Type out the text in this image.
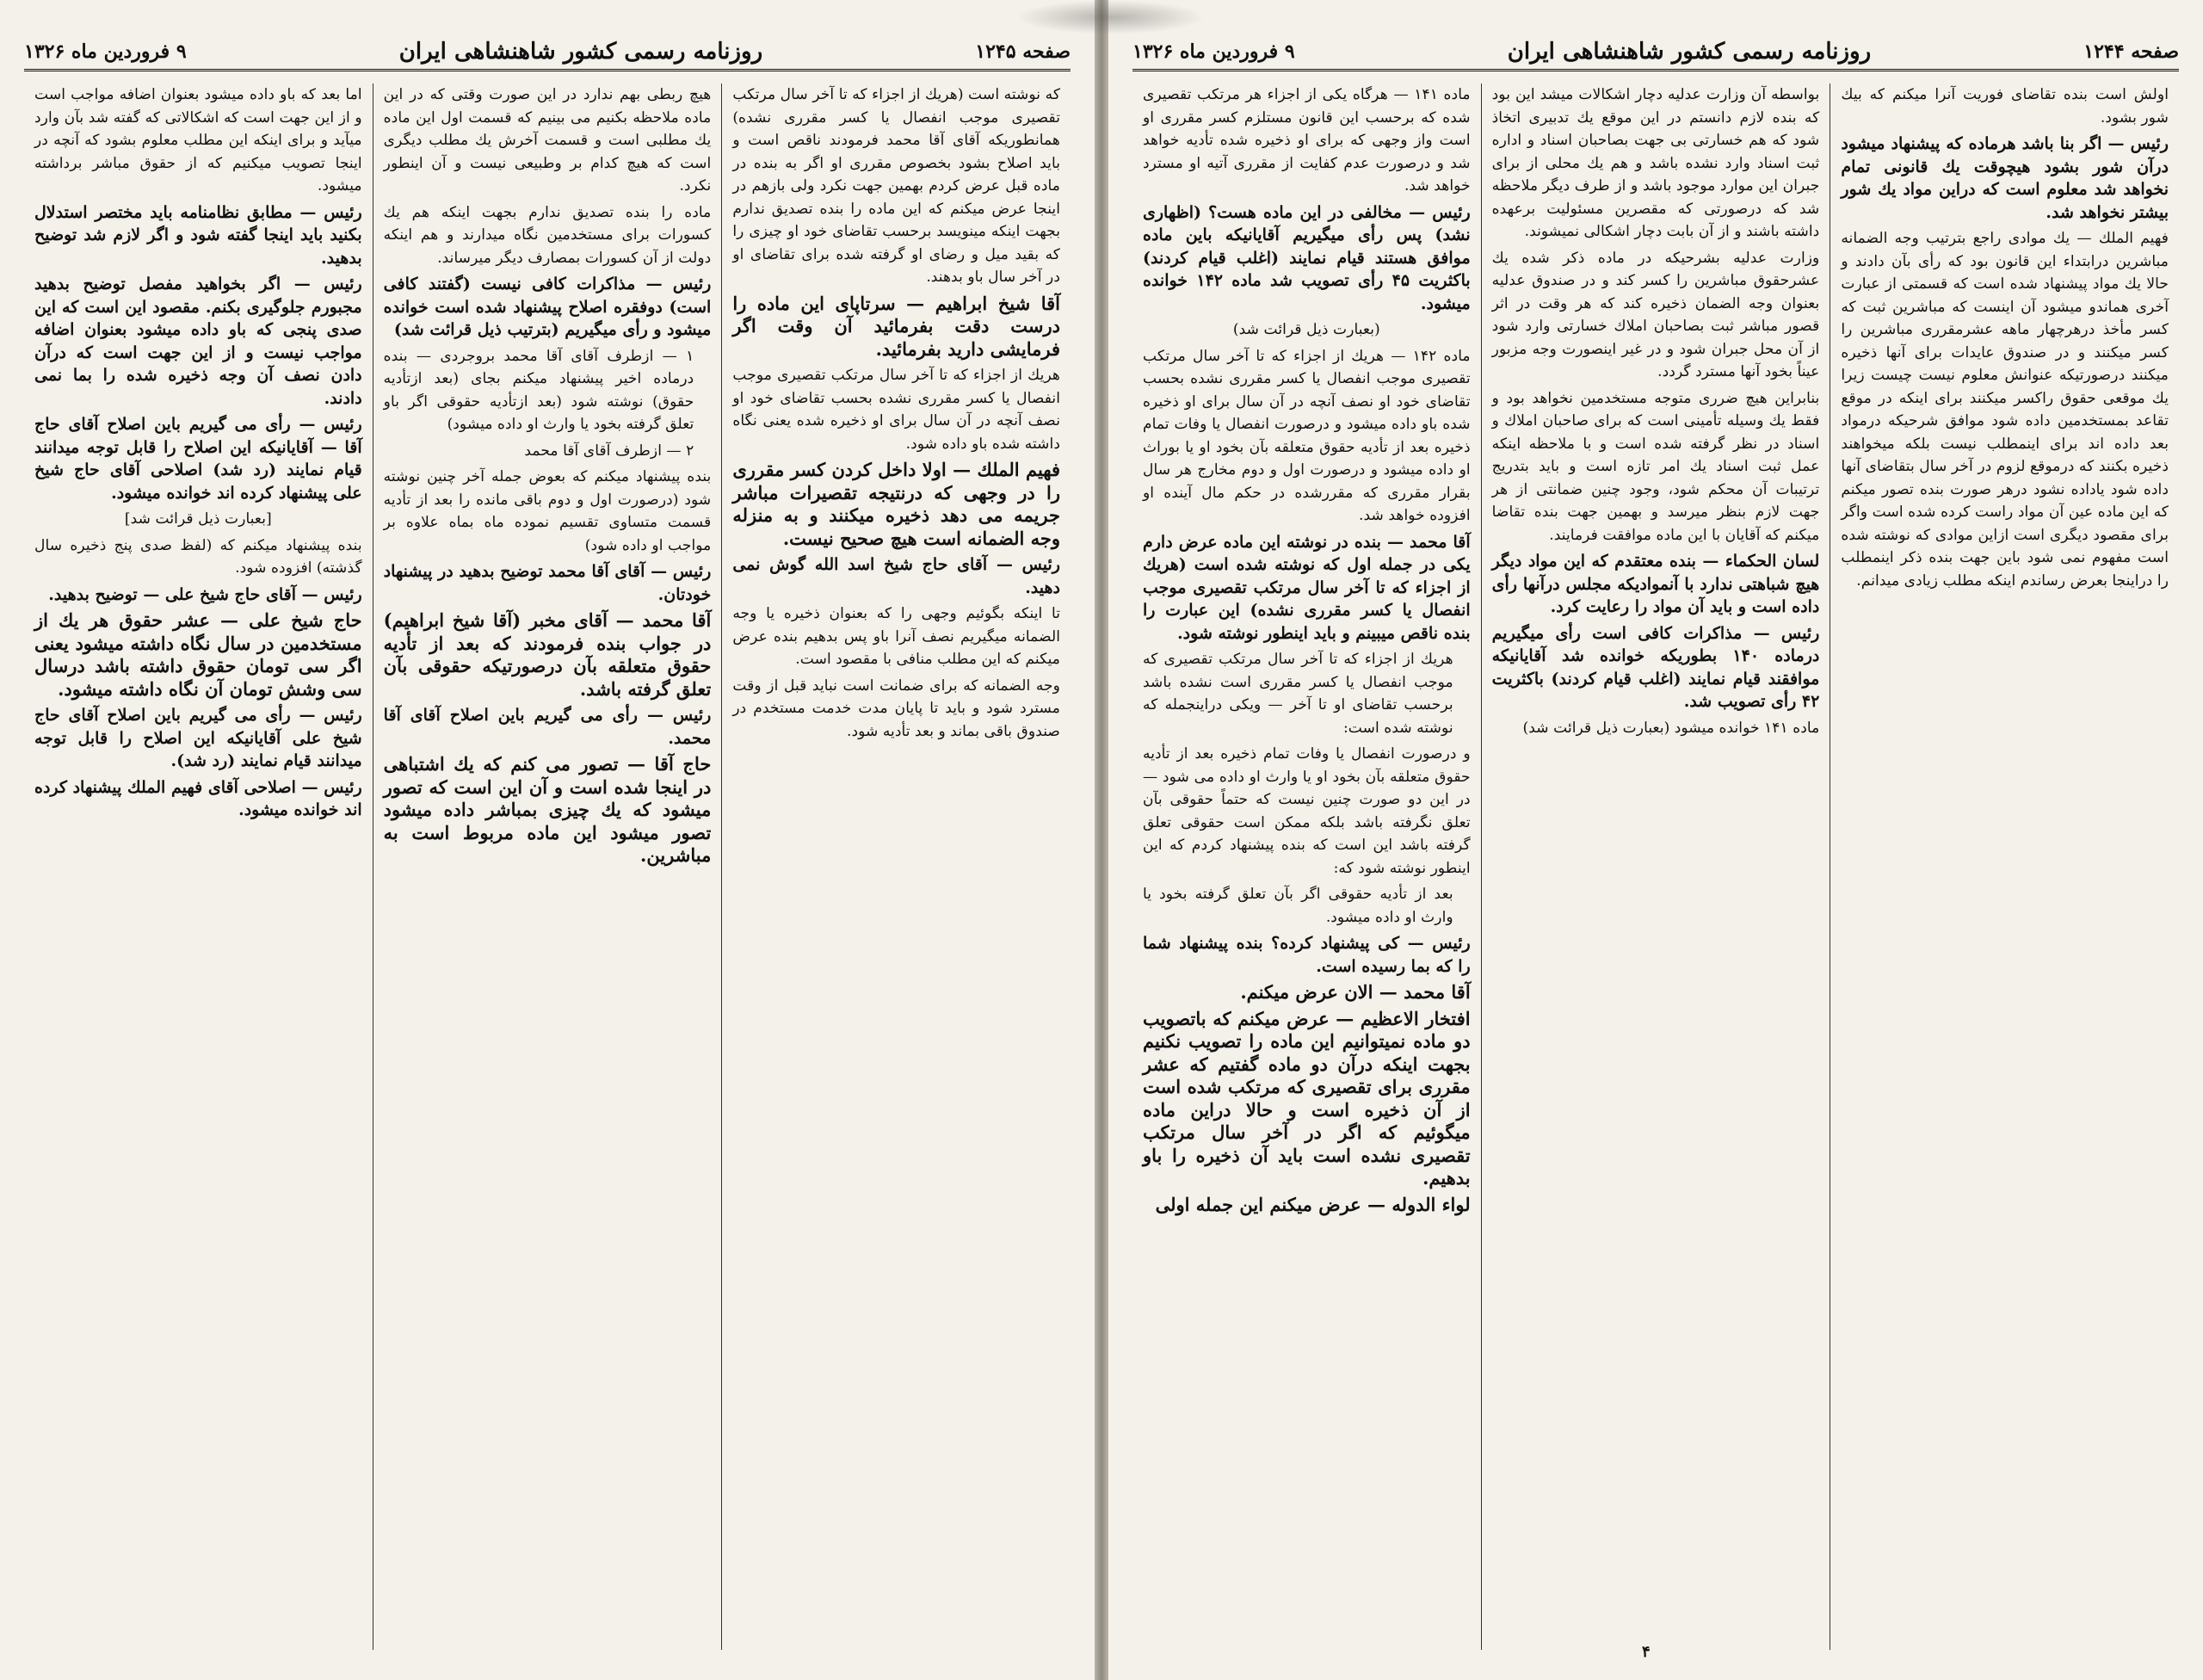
صفحه ۱۲۴۵
روزنامه رسمی کشور شاهنشاهی ایران
۹ فروردین ماه ۱۳۲۶

که نوشته است (هریك از اجزاء که تا آخر سال مرتکب تقصیری موجب انفصال یا کسر مقرری نشده) همانطوریکه آقای آقا محمد فرمودند ناقص است و باید اصلاح بشود بخصوص مقرری او اگر به بنده در ماده قبل عرض کردم بهمین جهت نکرد ولی بازهم در اینجا عرض میکنم که این ماده را بنده تصدیق ندارم بجهت اینکه مینویسد برحسب تقاضای خود او چیزی را که بقید میل و رضای او گرفته شده برای تقاضای او در آخر سال باو بدهند.

آقا شیخ ابراهیم — سرتاپای این ماده را درست دقت بفرمائید آن وقت اگر فرمایشی دارید بفرمائید.

هریك از اجزاء که تا آخر سال مرتکب تقصیری موجب انفصال یا کسر مقرری نشده بحسب تقاضای خود او نصف آنچه در آن سال برای او ذخیره شده یعنی نگاه داشته شده باو داده شود.

فهیم الملك — اولا داخل کردن کسر مقرری را در وجهی که درنتیجه تقصیرات مباشر جریمه می دهد ذخیره میکنند و به منزله وجه الضمانه است هیچ صحیح نیست.

رئیس — آقای حاج شیخ اسد الله گوش نمی دهید.

تا اینکه بگوئیم وجهی را که بعنوان ذخیره یا وجه الضمانه میگیریم نصف آنرا باو پس بدهیم بنده عرض میکنم که این مطلب منافی با مقصود است.

وجه الضمانه که برای ضمانت است نباید قبل از وقت مسترد شود و باید تا پایان مدت خدمت مستخدم در صندوق باقی بماند و بعد تأدیه شود.

هیچ ربطی بهم ندارد در این صورت وقتی که در این ماده ملاحظه بکنیم می بینیم که قسمت اول این ماده یك مطلبی است و قسمت آخرش یك مطلب دیگری است که هیچ کدام بر وطبیعی نیست و آن اینطور نکرد.

ماده را بنده تصدیق ندارم بجهت اینکه هم یك کسورات برای مستخدمین نگاه میدارند و هم اینکه دولت از آن کسورات بمصارف دیگر میرساند.

رئیس — مذاکرات کافی نیست (گفتند کافی است) دوفقره اصلاح پیشنهاد شده است خوانده میشود و رأی میگیریم (بترتیب ذیل قرائت شد)

۱ — ازطرف آقای آقا محمد بروجردی — بنده درماده اخیر پیشنهاد میکنم بجای (بعد ازتأدیه حقوق) نوشته شود (بعد ازتأدیه حقوقی اگر باو تعلق گرفته بخود یا وارث او داده میشود)

۲ — ازطرف آقای آقا محمد

بنده پیشنهاد میکنم که بعوض جمله آخر چنین نوشته شود (درصورت اول و دوم باقی مانده را بعد از تأدیه قسمت متساوی تقسیم نموده ماه بماه علاوه بر مواجب او داده شود)

رئیس — آقای آقا محمد توضیح بدهید در پیشنهاد خودتان.

آقا محمد — آقای مخبر (آقا شیخ ابراهیم) در جواب بنده فرمودند که بعد از تأدیه حقوق متعلقه بآن درصورتیکه حقوقی بآن تعلق گرفته باشد.

رئیس — رأی می گیریم باین اصلاح آقای آقا محمد.

حاج آقا — تصور می کنم که یك اشتباهی در اینجا شده است و آن این است که تصور میشود که یك چیزی بمباشر داده میشود تصور میشود این ماده مربوط است به مباشرین.

اما بعد که باو داده میشود بعنوان اضافه مواجب است و از این جهت است که اشکالاتی که گفته شد بآن وارد میآید و برای اینکه این مطلب معلوم بشود که آنچه در اینجا تصویب میکنیم که از حقوق مباشر برداشته میشود.

رئیس — مطابق نظامنامه باید مختصر استدلال بکنید باید اینجا گفته شود و اگر لازم شد توضیح بدهید.

رئیس — اگر بخواهید مفصل توضیح بدهید مجبورم جلوگیری بکنم. مقصود این است که این صدی پنجی که باو داده میشود بعنوان اضافه مواجب نیست و از این جهت است که درآن دادن نصف آن وجه ذخیره شده را بما نمی دادند.

رئیس — رأی می گیریم باین اصلاح آقای حاج آقا — آقایانیکه این اصلاح را قابل توجه میدانند قیام نمایند (رد شد) اصلاحی آقای حاج شیخ علی پیشنهاد کرده اند خوانده میشود.

[بعبارت ذیل قرائت شد]

بنده پیشنهاد میکنم که (لفظ صدی پنج ذخیره سال گذشته) افزوده شود.

رئیس — آقای حاج شیخ علی — توضیح بدهید.

حاج شیخ علی — عشر حقوق هر یك از مستخدمین در سال نگاه داشته میشود یعنی اگر سی تومان حقوق داشته باشد درسال سی وشش تومان آن نگاه داشته میشود.

رئیس — رأی می گیریم باین اصلاح آقای حاج شیخ علی آقایانیکه این اصلاح را قابل توجه میدانند قیام نمایند (رد شد).

رئیس — اصلاحی آقای فهیم الملك پیشنهاد کرده اند خوانده میشود.

صفحه ۱۲۴۴
روزنامه رسمی کشور شاهنشاهی ایران
۹ فروردین ماه ۱۳۲۶

اولش است بنده تقاضای فوریت آنرا میکنم که بیك شور بشود.

رئیس — اگر بنا باشد هرماده که پیشنهاد میشود درآن شور بشود هیچوقت یك قانونی تمام نخواهد شد معلوم است که دراین مواد یك شور بیشتر نخواهد شد.

فهیم الملك — یك موادی راجع بترتیب وجه الضمانه مباشرین درابتداء این قانون بود که رأی بآن دادند و حالا یك مواد پیشنهاد شده است که قسمتی از عبارت آخری هماندو میشود آن اینست که مباشرین ثبت که کسر مأخذ درهرچهار ماهه عشرمقرری مباشرین را کسر میکنند و در صندوق عایدات برای آنها ذخیره میکنند درصورتیکه عنوانش معلوم نیست چیست زیرا یك موقعی حقوق راکسر میکنند برای اینکه در موقع تقاعد بمستخدمین داده شود موافق شرحیکه درمواد بعد داده اند برای اینمطلب نیست بلکه میخواهند ذخیره بکنند که درموقع لزوم در آخر سال بتقاضای آنها داده شود یاداده نشود درهر صورت بنده تصور میکنم که این ماده عین آن مواد راست کرده شده است واگر برای مقصود دیگری است ازاین موادی که نوشته شده است مفهوم نمی شود باین جهت بنده ذکر اینمطلب را دراینجا بعرض رساندم اینکه مطلب زیادی میدانم.

بواسطه آن وزارت عدلیه دچار اشکالات میشد این بود که بنده لازم دانستم در این موقع یك تدبیری اتخاذ شود که هم خسارتی بی جهت بصاحبان اسناد و اداره ثبت اسناد وارد نشده باشد و هم یك محلی از برای جبران این موارد موجود باشد و از طرف دیگر ملاحظه شد که درصورتی که مقصرین مسئولیت برعهده داشته باشند و از آن بابت دچار اشکالی نمیشوند.

وزارت عدلیه بشرحیکه در ماده ذکر شده یك عشرحقوق مباشرین را کسر کند و در صندوق عدلیه بعنوان وجه الضمان ذخیره کند که هر وقت در اثر قصور مباشر ثبت بصاحبان املاك خسارتی وارد شود از آن محل جبران شود و در غیر اینصورت وجه مزبور عیناً بخود آنها مسترد گردد.

بنابراین هیچ ضرری متوجه مستخدمین نخواهد بود و فقط یك وسیله تأمینی است که برای صاحبان املاك و اسناد در نظر گرفته شده است و با ملاحظه اینکه عمل ثبت اسناد یك امر تازه است و باید بتدریج ترتیبات آن محکم شود، وجود چنین ضمانتی از هر جهت لازم بنظر میرسد و بهمین جهت بنده تقاضا میکنم که آقایان با این ماده موافقت فرمایند.

لسان الحکماء — بنده معتقدم که این مواد دیگر هیچ شباهتی ندارد با آنموادیکه مجلس درآنها رأی داده است و باید آن مواد را رعایت کرد.

رئیس — مذاکرات کافی است رأی میگیریم درماده ۱۴۰ بطوریکه خوانده شد آقایانیکه موافقند قیام نمایند (اغلب قیام کردند) باکثریت ۴۲ رأی تصویب شد.

ماده ۱۴۱ خوانده میشود (بعبارت ذیل قرائت شد)

ماده ۱۴۱ — هرگاه یکی از اجزاء هر مرتکب تقصیری شده که برحسب این قانون مستلزم کسر مقرری او است واز وجهی که برای او ذخیره شده تأدیه خواهد شد و درصورت عدم کفایت از مقرری آتیه او مسترد خواهد شد.

رئیس — مخالفی در این ماده هست؟ (اظهاری نشد) پس رأی میگیریم آقایانیکه باین ماده موافق هستند قیام نمایند (اغلب قیام کردند) باکثریت ۴۵ رأی تصویب شد ماده ۱۴۲ خوانده میشود.

(بعبارت ذیل قرائت شد)

ماده ۱۴۲ — هریك از اجزاء که تا آخر سال مرتکب تقصیری موجب انفصال یا کسر مقرری نشده بحسب تقاضای خود او نصف آنچه در آن سال برای او ذخیره شده باو داده میشود و درصورت انفصال یا وفات تمام ذخیره بعد از تأدیه حقوق متعلقه بآن بخود او یا بوراث او داده میشود و درصورت اول و دوم مخارج هر سال بقرار مقرری که مقررشده در حکم مال آینده او افزوده خواهد شد.

آقا محمد — بنده در نوشته این ماده عرض دارم یکی در جمله اول که نوشته شده است (هریك از اجزاء که تا آخر سال مرتکب تقصیری موجب انفصال یا کسر مقرری نشده) این عبارت را بنده ناقص میبینم و باید اینطور نوشته شود.

هریك از اجزاء که تا آخر سال مرتکب تقصیری که موجب انفصال یا کسر مقرری است نشده باشد برحسب تقاضای او تا آخر — ویکی دراینجمله که نوشته شده است:

و درصورت انفصال یا وفات تمام ذخیره بعد از تأدیه حقوق متعلقه بآن بخود او یا وارث او داده می شود — در این دو صورت چنین نیست که حتماً حقوقی بآن تعلق نگرفته باشد بلکه ممکن است حقوقی تعلق گرفته باشد این است که بنده پیشنهاد کردم که این اینطور نوشته شود که:

بعد از تأدیه حقوقی اگر بآن تعلق گرفته بخود یا وارث او داده میشود.

رئیس — کی پیشنهاد کرده؟ بنده پیشنهاد شما را که بما رسیده است.

آقا محمد — الان عرض میکنم.

افتخار الاعظیم — عرض میکنم که باتصویب دو ماده نمیتوانیم این ماده را تصویب نکنیم بجهت اینکه درآن دو ماده گفتیم که عشر مقرری برای تقصیری که مرتکب شده است از آن ذخیره است و حالا دراین ماده میگوئیم که اگر در آخر سال مرتکب تقصیری نشده است باید آن ذخیره را باو بدهیم.

لواء الدوله — عرض میکنم این جمله اولی

۴
